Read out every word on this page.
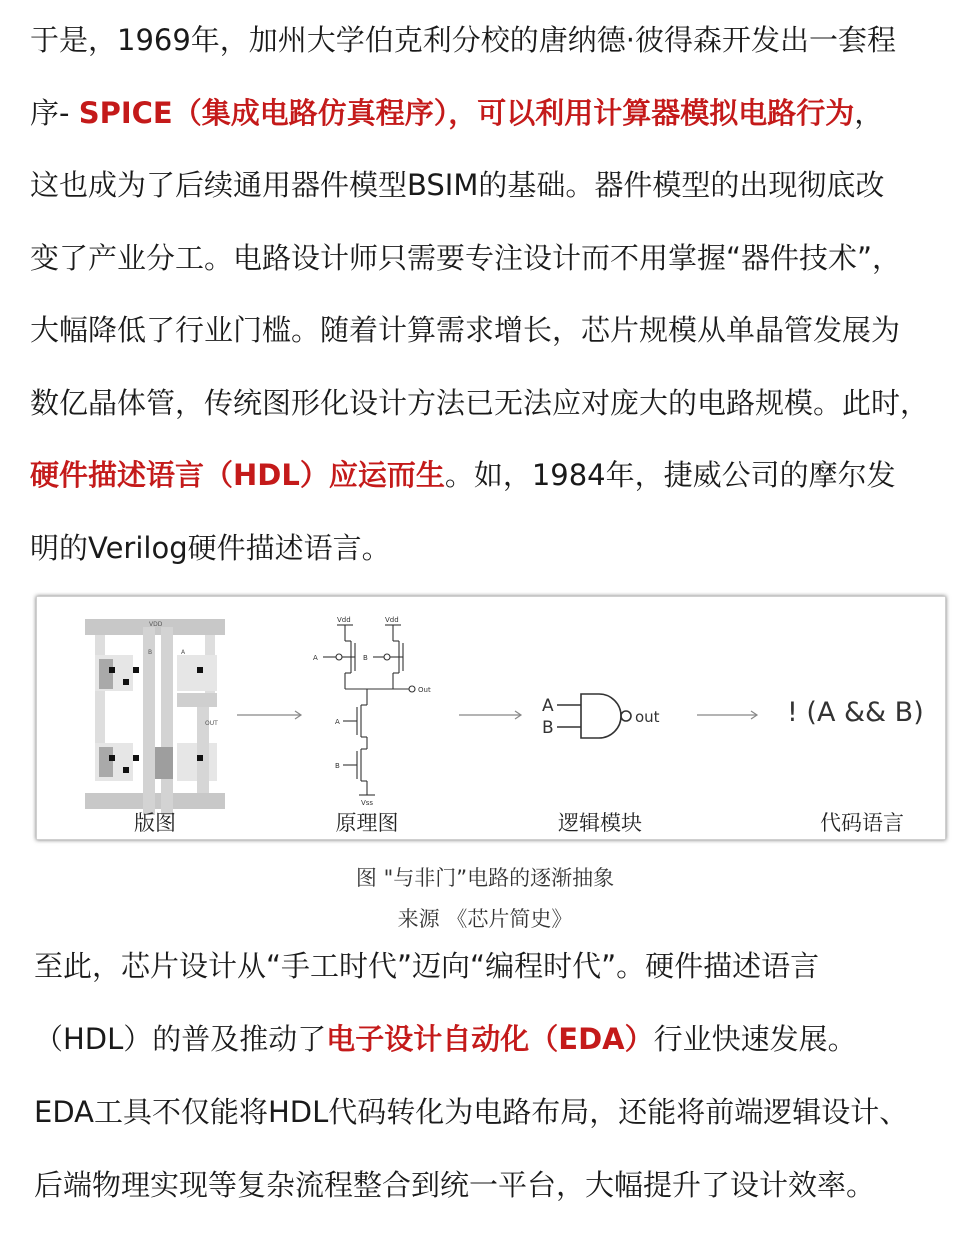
于是，1969年，加州大学伯克利分校的唐纳德·彼得森开发出一套程
序- SPICE（集成电路仿真程序），可以利用计算器模拟电路行为，
这也成为了后续通用器件模型BSIM的基础。器件模型的出现彻底改
变了产业分工。电路设计师只需要专注设计而不用掌握“器件技术”，
大幅降低了行业门槛。随着计算需求增长，芯片规模从单晶管发展为
数亿晶体管，传统图形化设计方法已无法应对庞大的电路规模。此时，
硬件描述语言（HDL）应运而生。如，1984年，捷威公司的摩尔发
明的Verilog硬件描述语言。
VDD
B	A
OUT
Vdd	Vdd
A	B
Out
A
B
Vss
A
B
out	! (A && B)
版图	原理图	逻辑模块	代码语言
图 "与非门”电路的逐渐抽象
来源 《芯片简史》
至此，芯片设计从“手工时代”迈向“编程时代”。硬件描述语言
（HDL）的普及推动了电子设计自动化（EDA）行业快速发展。
EDA工具不仅能将HDL代码转化为电路布局，还能将前端逻辑设计、
后端物理实现等复杂流程整合到统一平台，大幅提升了设计效率。
